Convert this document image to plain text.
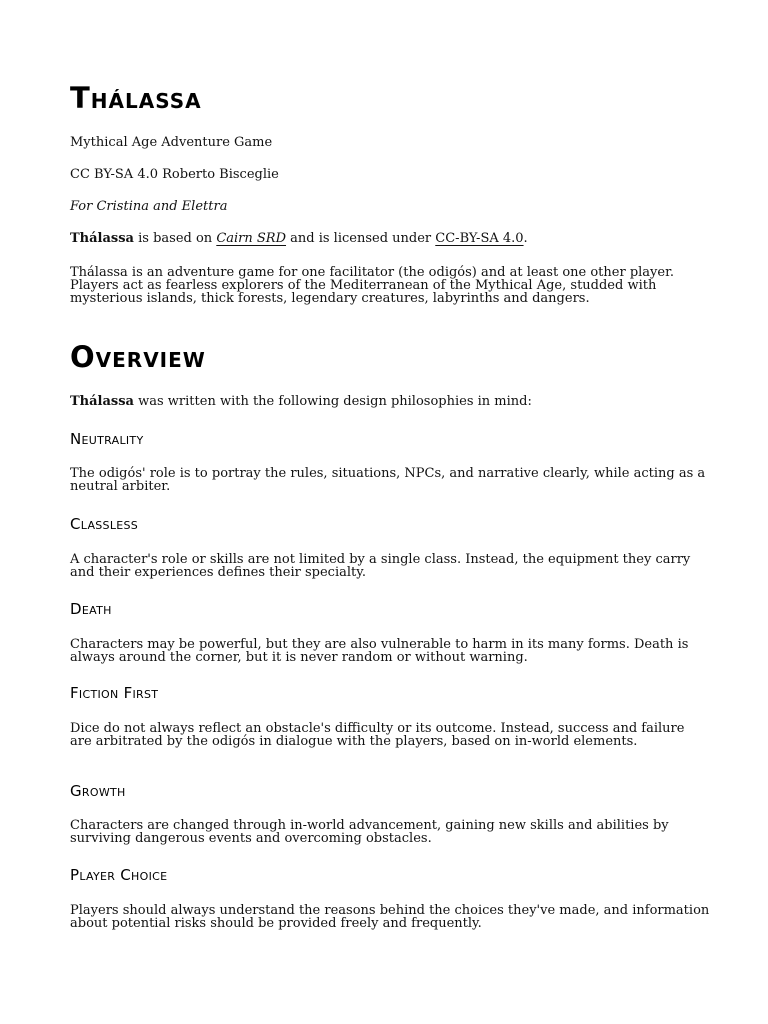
Thálassa

Mythical Age Adventure Game

CC BY-SA 4.0 Roberto Bisceglie

For Cristina and Elettra

Thálassa is based on Cairn SRD and is licensed under CC-BY-SA 4.0.

Thálassa is an adventure game for one facilitator (the odigós) and at least one other player. Players act as fearless explorers of the Mediterranean of the Mythical Age, studded with mysterious islands, thick forests, legendary creatures, labyrinths and dangers.

Overview

Thálassa was written with the following design philosophies in mind:

Neutrality

The odigós' role is to portray the rules, situations, NPCs, and narrative clearly, while acting as a neutral arbiter.

Classless

A character's role or skills are not limited by a single class. Instead, the equipment they carry and their experiences defines their specialty.

Death

Characters may be powerful, but they are also vulnerable to harm in its many forms. Death is always around the corner, but it is never random or without warning.

Fiction First

Dice do not always reflect an obstacle's difficulty or its outcome. Instead, success and failure are arbitrated by the odigós in dialogue with the players, based on in-world elements.

Growth

Characters are changed through in-world advancement, gaining new skills and abilities by surviving dangerous events and overcoming obstacles.

Player Choice

Players should always understand the reasons behind the choices they've made, and information about potential risks should be provided freely and frequently.
